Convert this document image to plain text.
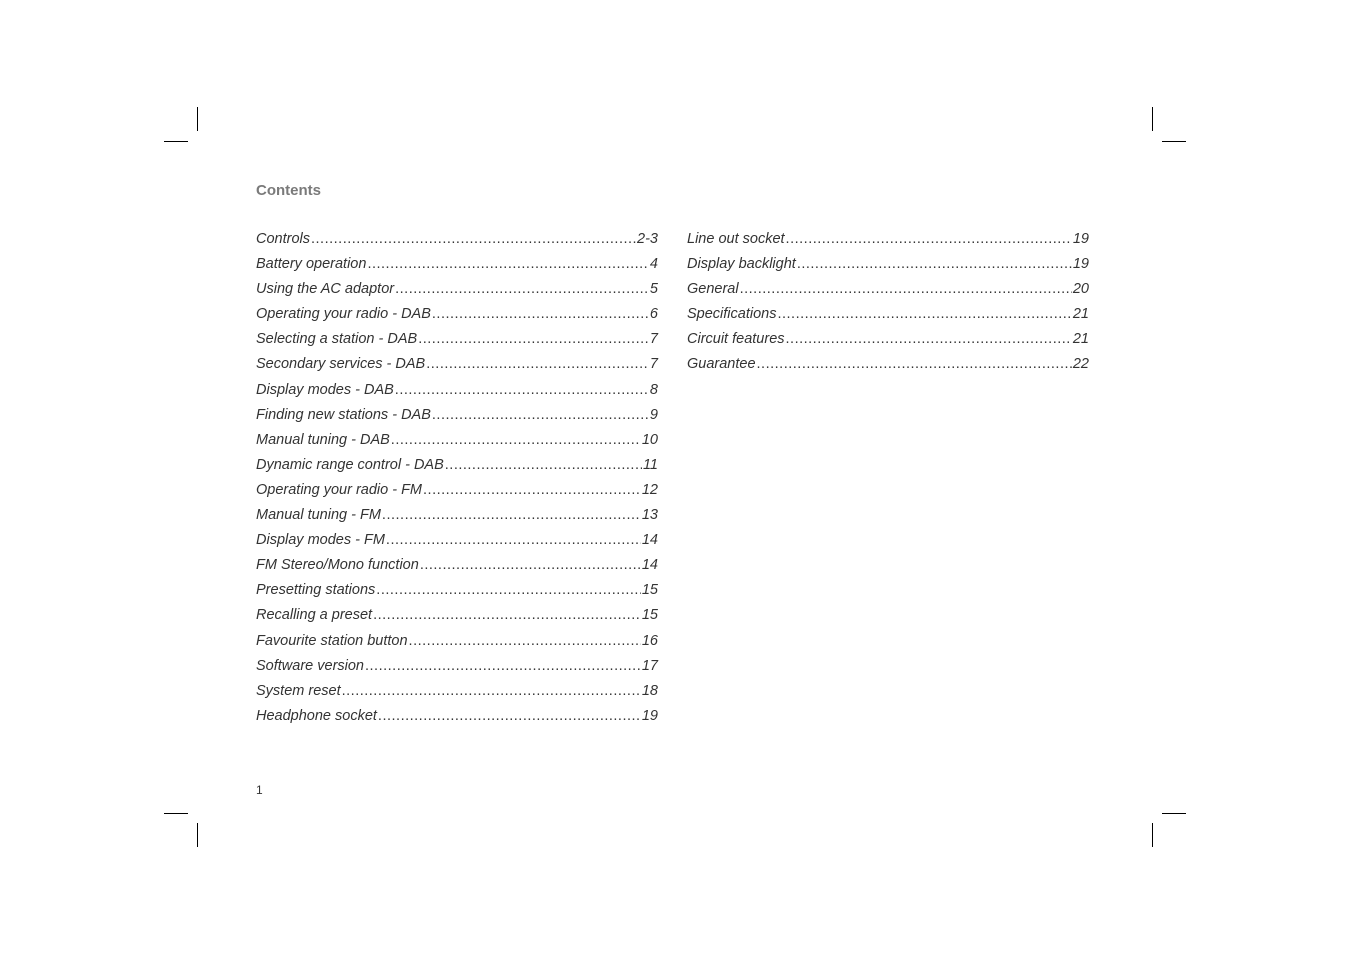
Contents
Controls .....	2-3
Battery operation .....	4
Using the AC adaptor .....	5
Operating your radio - DAB .....	6
Selecting a station - DAB .....	7
Secondary services - DAB .....	7
Display modes - DAB .....	8
Finding new stations - DAB .....	9
Manual tuning - DAB .....	10
Dynamic range control - DAB .....	11
Operating your radio - FM .....	12
Manual tuning - FM .....	13
Display modes - FM .....	14
FM Stereo/Mono function .....	14
Presetting stations .....	15
Recalling a preset .....	15
Favourite station button .....	16
Software version .....	17
System reset .....	18
Headphone socket .....	19
Line out socket .....	19
Display backlight .....	19
General .....	20
Specifications .....	21
Circuit features .....	21
Guarantee .....	22
1
